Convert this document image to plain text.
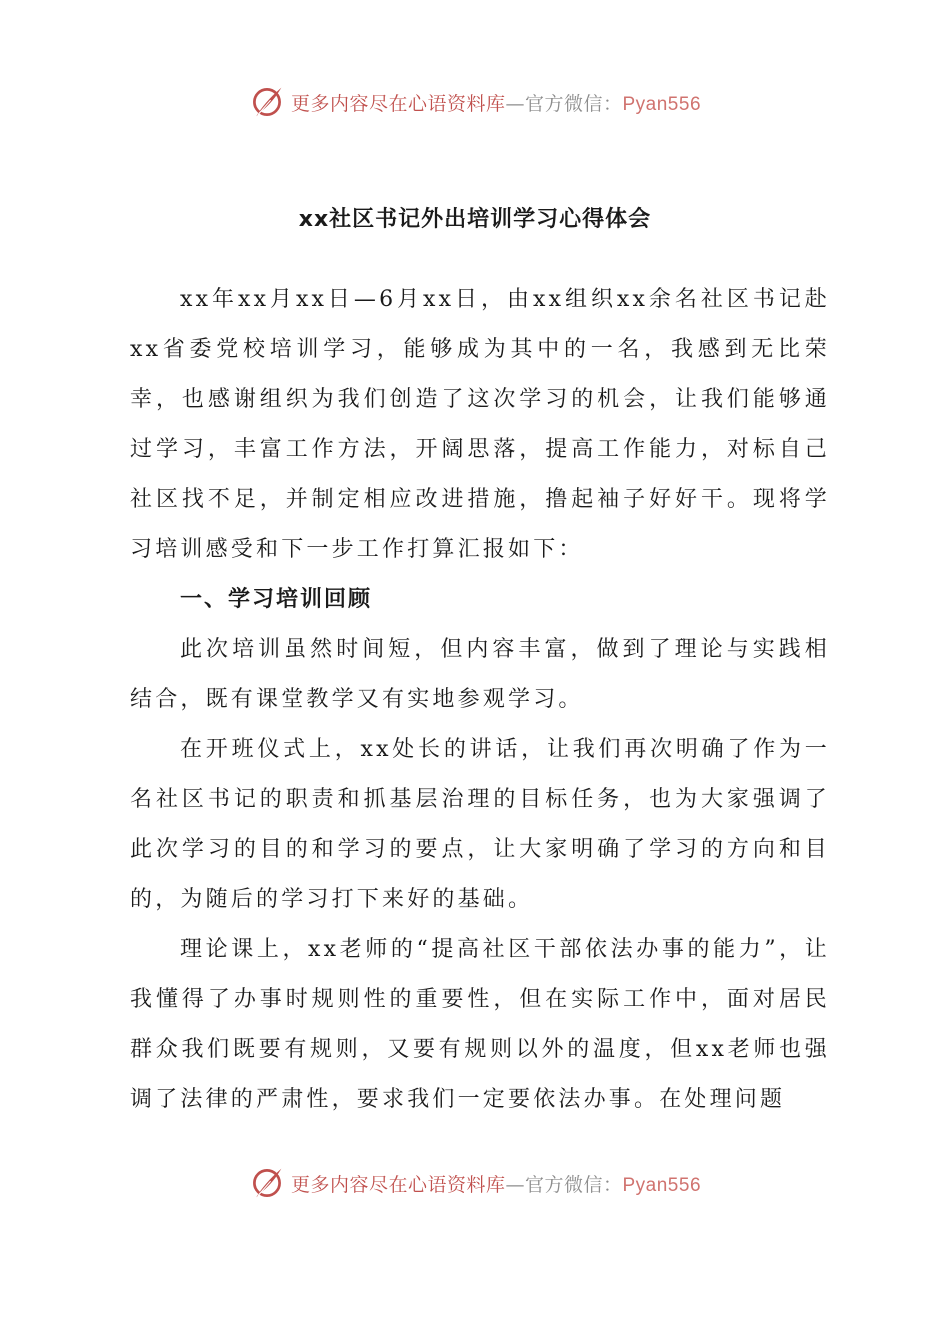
更多内容尽在心语资料库—官方微信：Pyan556
xx社区书记外出培训学习心得体会

xx年xx月xx日—6月xx日，由xx组织xx余名社区书记赴xx省委党校培训学习，能够成为其中的一名，我感到无比荣幸，也感谢组织为我们创造了这次学习的机会，让我们能够通过学习，丰富工作方法，开阔思落，提高工作能力，对标自己社区找不足，并制定相应改进措施，撸起袖子好好干。现将学习培训感受和下一步工作打算汇报如下：

一、学习培训回顾

此次培训虽然时间短，但内容丰富，做到了理论与实践相结合，既有课堂教学又有实地参观学习。

在开班仪式上，xx处长的讲话，让我们再次明确了作为一名社区书记的职责和抓基层治理的目标任务，也为大家强调了此次学习的目的和学习的要点，让大家明确了学习的方向和目的，为随后的学习打下来好的基础。

理论课上，xx老师的“提高社区干部依法办事的能力”，让我懂得了办事时规则性的重要性，但在实际工作中，面对居民群众我们既要有规则，又要有规则以外的温度，但xx老师也强调了法律的严肃性，要求我们一定要依法办事。在处理问题

更多内容尽在心语资料库—官方微信：Pyan556
